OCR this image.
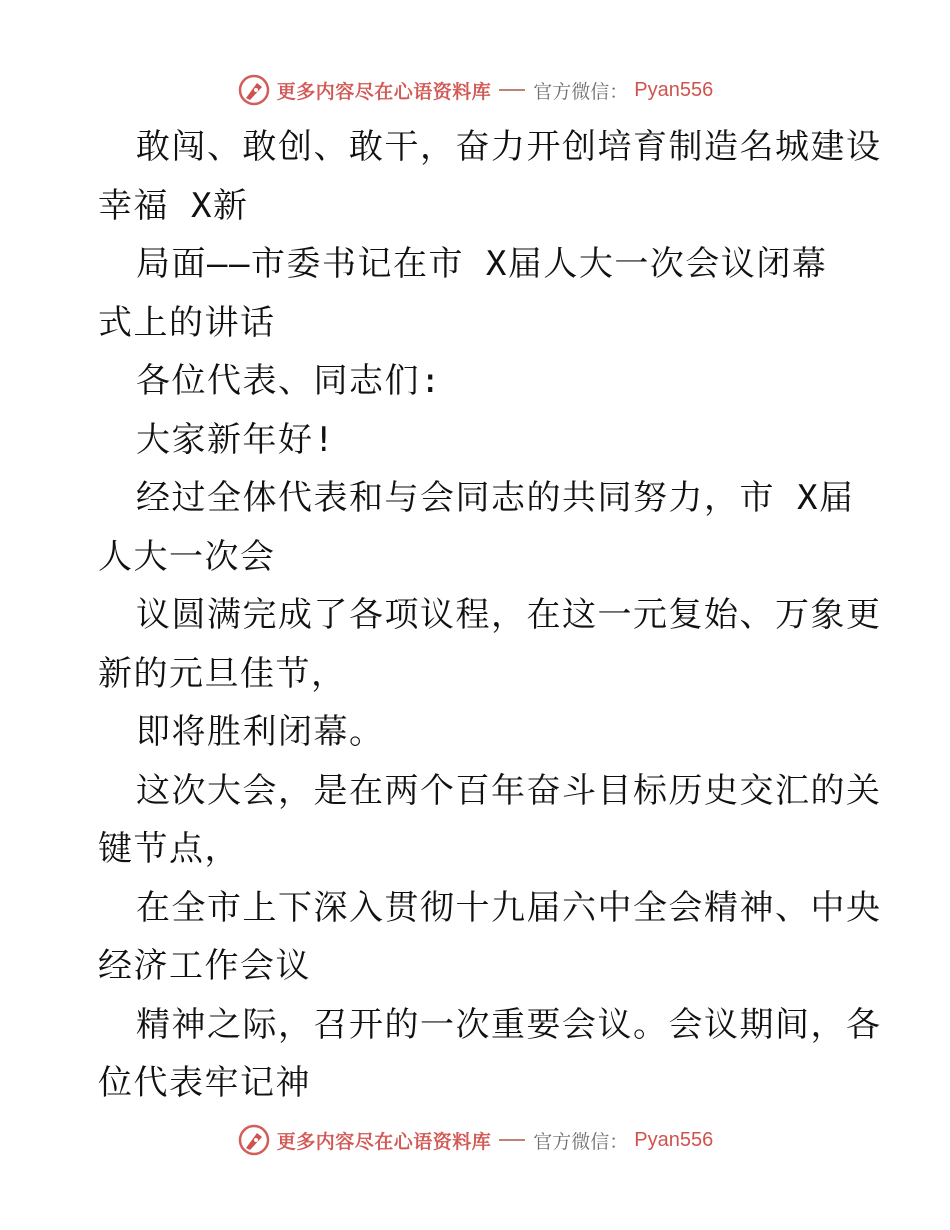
更多内容尽在心语资料库 官方微信： Pyan556
敢闯、敢创、敢干，奋力开创培育制造名城建设
幸福 X新
局面——市委书记在市 X届人大一次会议闭幕
式上的讲话
各位代表、同志们:
大家新年好!
经过全体代表和与会同志的共同努力，市 X届
人大一次会
议圆满完成了各项议程，在这一元复始、万象更
新的元旦佳节，
即将胜利闭幕。
这次大会，是在两个百年奋斗目标历史交汇的关
键节点，
在全市上下深入贯彻十九届六中全会精神、中央
经济工作会议
精神之际，召开的一次重要会议。会议期间，各
位代表牢记神
更多内容尽在心语资料库 官方微信： Pyan556
